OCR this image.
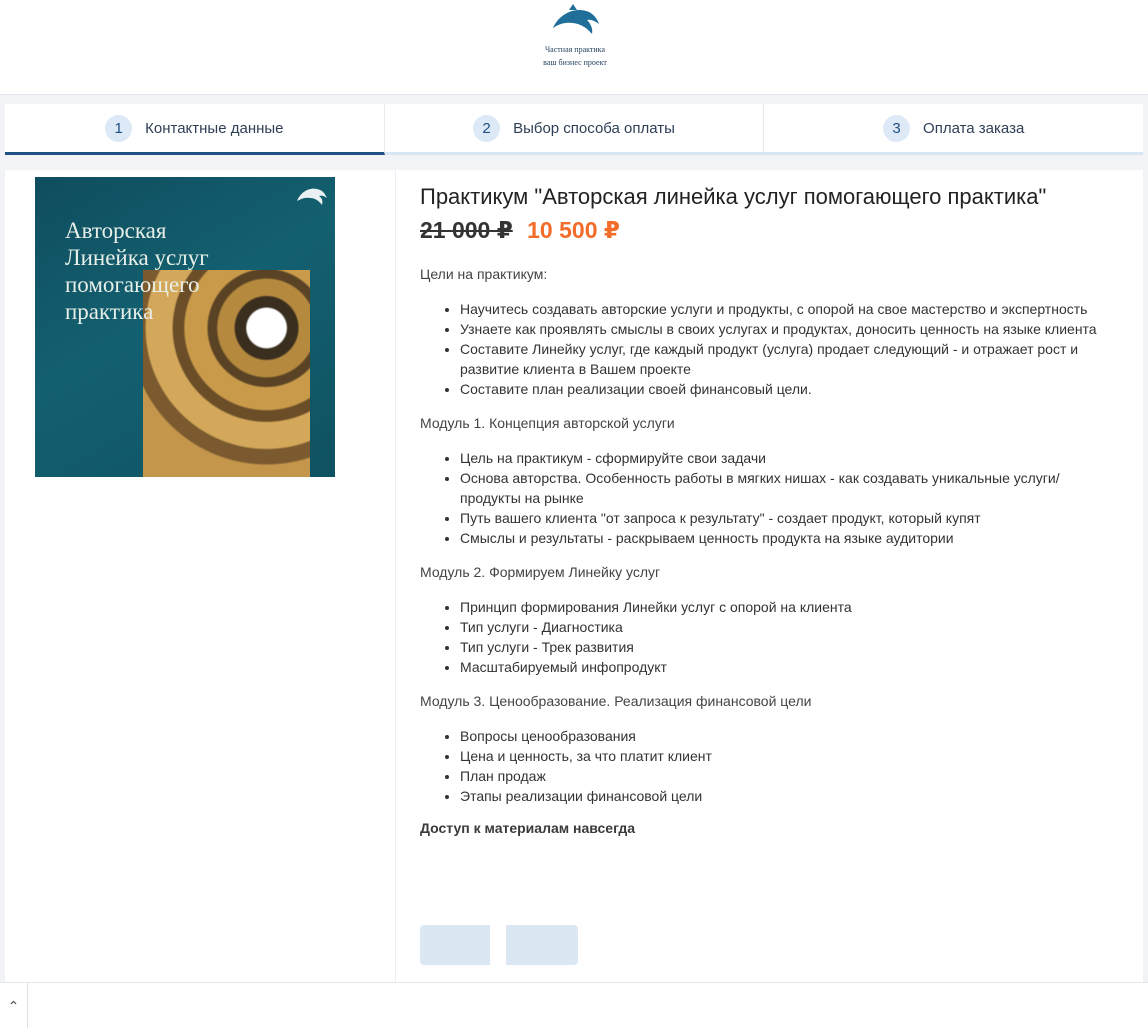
Частная практика
ваш бизнес проект
1	Контактные данные	2	Выбор способа оплаты	3	Оплата заказа
Авторская
Линейка услуг
помогающего
практика
Практикум "Авторская линейка услуг помогающего практика"
21 000 ₽ 10 500 ₽
Цели на практикум:
• Научитесь создавать авторские услуги и продукты, с опорой на свое мастерство и экспертность
• Узнаете как проявлять смыслы в своих услугах и продуктах, доносить ценность на языке клиента
• Составите Линейку услуг, где каждый продукт (услуга) продает следующий - и отражает рост и развитие клиента в Вашем проекте
• Составите план реализации своей финансовый цели.
Модуль 1. Концепция авторской услуги
• Цель на практикум - сформируйте свои задачи
• Основа авторства. Особенность работы в мягких нишах - как создавать уникальные услуги/продукты на рынке
• Путь вашего клиента "от запроса к результату" - создает продукт, который купят
• Смыслы и результаты - раскрываем ценность продукта на языке аудитории
Модуль 2. Формируем Линейку услуг
• Принцип формирования Линейки услуг с опорой на клиента
• Тип услуги - Диагностика
• Тип услуги - Трек развития
• Масштабируемый инфопродукт
Модуль 3. Ценообразование. Реализация финансовой цели
• Вопросы ценообразования
• Цена и ценность, за что платит клиент
• План продаж
• Этапы реализации финансовой цели
Доступ к материалам навсегда
⌃
